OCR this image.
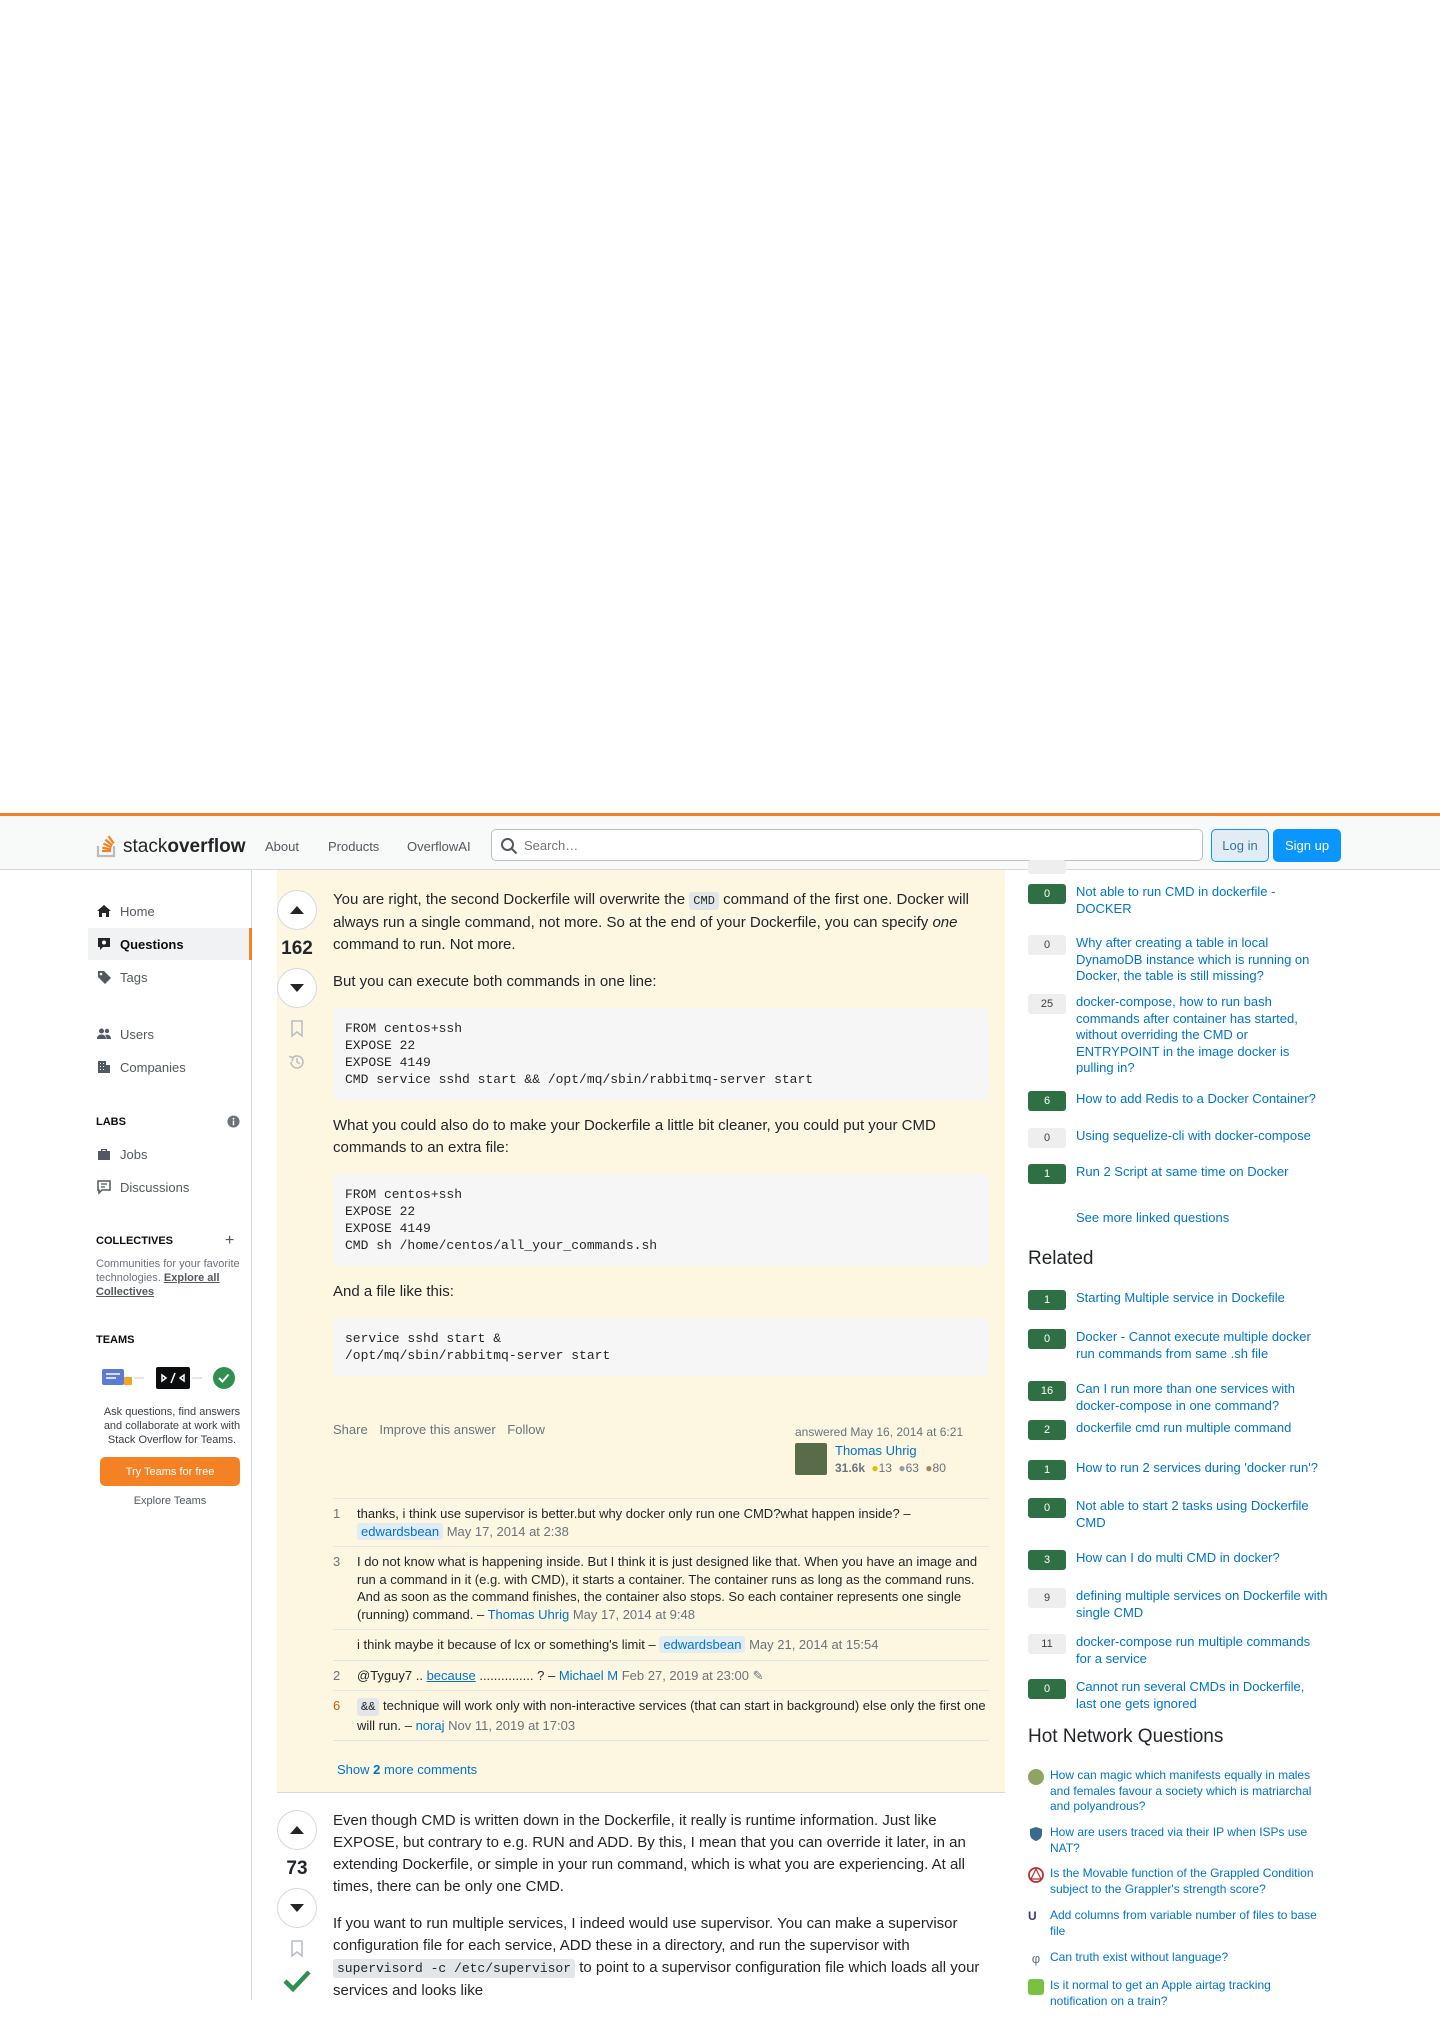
stackoverflow About Products OverflowAI
Search…	Log in	Sign up
Home
Questions
Tags
Users
Companies
LABS
Jobs
Discussions
COLLECTIVES	+
Communities for your favorite technologies. Explore all Collectives
TEAMS
Ask questions, find answers and collaborate at work with Stack Overflow for Teams.
Try Teams for free
Explore Teams
162

You are right, the second Dockerfile will overwrite the CMD command of the first one. Docker will always run a single command, not more. So at the end of your Dockerfile, you can specify one command to run. Not more.

But you can execute both commands in one line:

FROM centos+ssh
EXPOSE 22
EXPOSE 4149
CMD service sshd start && /opt/mq/sbin/rabbitmq-server start

What you could also do to make your Dockerfile a little bit cleaner, you could put your CMD commands to an extra file:

FROM centos+ssh
EXPOSE 22
EXPOSE 4149
CMD sh /home/centos/all_your_commands.sh

And a file like this:

service sshd start &
/opt/mq/sbin/rabbitmq-server start
Share Improve this answer Follow	answered May 16, 2014 at 6:21
Thomas Uhrig
31.6k ●13 ●63 ●80
1	thanks, i think use supervisor is better.but why docker only run one CMD?what happen inside? – edwardsbean May 17, 2014 at 2:38
3	I do not know what is happening inside. But I think it is just designed like that. When you have an image and run a command in it (e.g. with CMD), it starts a container. The container runs as long as the command runs. And as soon as the command finishes, the container also stops. So each container represents one single (running) command. – Thomas Uhrig May 17, 2014 at 9:48
i think maybe it because of lcx or something's limit – edwardsbean May 21, 2014 at 15:54
2	@Tyguy7 .. because ............... ? – Michael M Feb 27, 2019 at 23:00 ✎
6	&& technique will work only with non-interactive services (that can start in background) else only the first one will run. – noraj Nov 11, 2019 at 17:03
Show 2 more comments
73

Even though CMD is written down in the Dockerfile, it really is runtime information. Just like EXPOSE, but contrary to e.g. RUN and ADD. By this, I mean that you can override it later, in an extending Dockerfile, or simple in your run command, which is what you are experiencing. At all times, there can be only one CMD.

If you want to run multiple services, I indeed would use supervisor. You can make a supervisor configuration file for each service, ADD these in a directory, and run the supervisor with supervisord -c /etc/supervisor to point to a supervisor configuration file which loads all your services and looks like

0	Not able to run CMD in dockerfile - DOCKER
0	Why after creating a table in local DynamoDB instance which is running on Docker, the table is still missing?
25	docker-compose, how to run bash commands after container has started, without overriding the CMD or ENTRYPOINT in the image docker is pulling in?
6	How to add Redis to a Docker Container?
0	Using sequelize-cli with docker-compose
1	Run 2 Script at same time on Docker
See more linked questions
Related
1	Starting Multiple service in Dockefile
0	Docker - Cannot execute multiple docker run commands from same .sh file
16	Can I run more than one services with docker-compose in one command?
2	dockerfile cmd run multiple command
1	How to run 2 services during 'docker run'?
0	Not able to start 2 tasks using Dockerfile CMD
3	How can I do multi CMD in docker?
9	defining multiple services on Dockerfile with single CMD
11	docker-compose run multiple commands for a service
0	Cannot run several CMDs in Dockerfile, last one gets ignored
Hot Network Questions
How can magic which manifests equally in males and females favour a society which is matriarchal and polyandrous?
How are users traced via their IP when ISPs use NAT?
Is the Movable function of the Grappled Condition subject to the Grappler's strength score?
U	Add columns from variable number of files to base file
φ Can truth exist without language?
Is it normal to get an Apple airtag tracking notification on a train?
